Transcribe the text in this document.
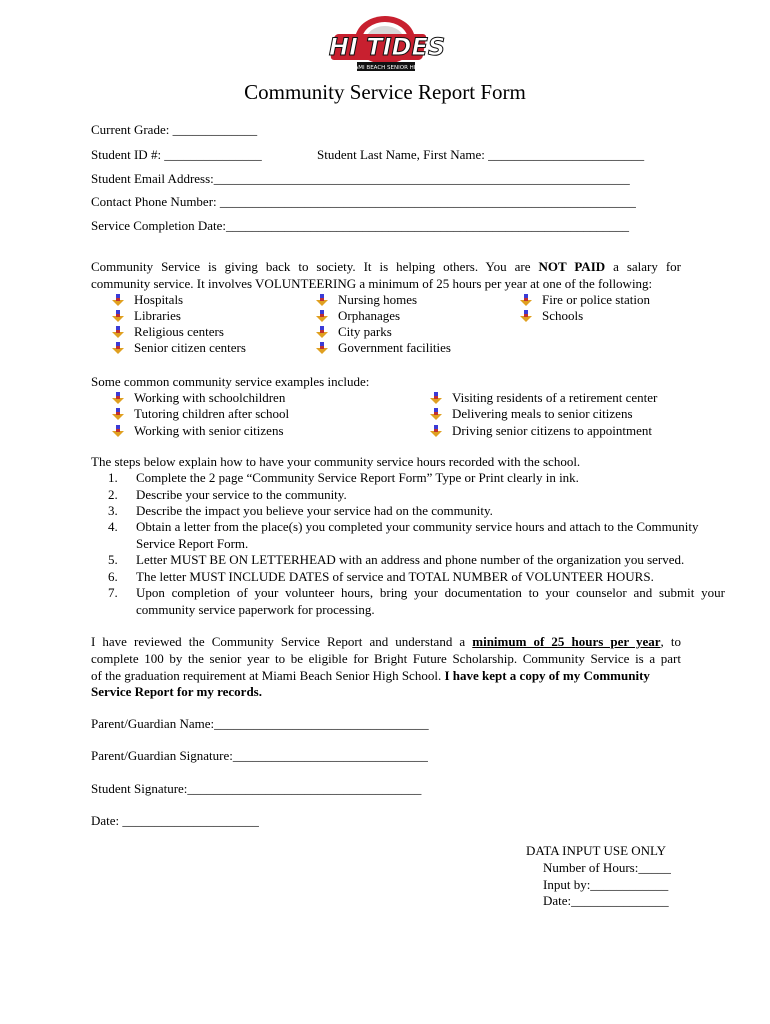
HI TIDES
MIAMI BEACH SENIOR HIGH
Community Service Report Form
Current Grade: _____________
Student ID #: _______________	Student Last Name, First Name: ________________________
Student Email Address:________________________________________________________________
Contact Phone Number: ________________________________________________________________
Service Completion Date:______________________________________________________________
Community Service is giving back to society. It is helping others. You are NOT PAID a salary for
community service. It involves VOLUNTEERING a minimum of 25 hours per year at one of the following:
Hospitals
Libraries
Religious centers
Senior citizen centers
Nursing homes
Orphanages
City parks
Government facilities
Fire or police station
Schools
Some common community service examples include:
Working with schoolchildren
Tutoring children after school
Working with senior citizens
Visiting residents of a retirement center
Delivering meals to senior citizens
Driving senior citizens to appointment
The steps below explain how to have your community service hours recorded with the school.
1. Complete the 2 page “Community Service Report Form” Type or Print clearly in ink.
2. Describe your service to the community.
3. Describe the impact you believe your service had on the community.
4. Obtain a letter from the place(s) you completed your community service hours and attach to the Community
Service Report Form.
5. Letter MUST BE ON LETTERHEAD with an address and phone number of the organization you served.
6. The letter MUST INCLUDE DATES of service and TOTAL NUMBER of VOLUNTEER HOURS.
7. Upon completion of your volunteer hours, bring your documentation to your counselor and submit your
community service paperwork for processing.
I have reviewed the Community Service Report and understand a minimum of 25 hours per year, to
complete 100 by the senior year to be eligible for Bright Future Scholarship. Community Service is a part
of the graduation requirement at Miami Beach Senior High School. I have kept a copy of my Community
Service Report for my records.
Parent/Guardian Name:_________________________________
Parent/Guardian Signature:______________________________
Student Signature:____________________________________
Date: _____________________
DATA INPUT USE ONLY
Number of Hours:_____
Input by:____________
Date:_______________
